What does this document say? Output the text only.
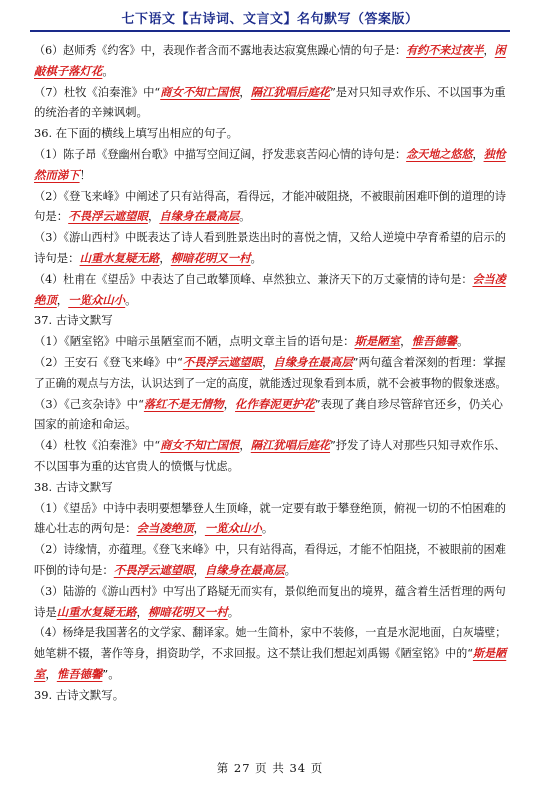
七下语文【古诗词、文言文】名句默写（答案版）
（6）赵师秀《约客》中，表现作者含而不露地表达寂寞焦躁心情的句子是：有约不来过夜半，闲
敲棋子落灯花。
（7）杜牧《泊秦淮》中“商女不知亡国恨，隔江犹唱后庭花”是对只知寻欢作乐、不以国事为重
的统治者的辛辣讽刺。
36. 在下面的横线上填写出相应的句子。
（1）陈子昂《登幽州台歌》中描写空间辽阔，抒发悲哀苦闷心情的诗句是：念天地之悠悠，独怆
然而涕下！
（2）《登飞来峰》中阐述了只有站得高，看得远，才能冲破阻挠，不被眼前困难吓倒的道理的诗
句是：不畏浮云遮望眼，自缘身在最高层。
（3）《游山西村》中既表达了诗人看到胜景迭出时的喜悦之情，又给人逆境中孕育希望的启示的
诗句是：山重水复疑无路，柳暗花明又一村。
（4）杜甫在《望岳》中表达了自己敢攀顶峰、卓然独立、兼济天下的万丈豪情的诗句是：会当凌
绝顶，一览众山小。
37. 古诗文默写
（1）《陋室铭》中暗示虽陋室而不陋，点明文章主旨的语句是：斯是陋室，惟吾德馨。
（2）王安石《登飞来峰》中“不畏浮云遮望眼，自缘身在最高层”两句蕴含着深刻的哲理：掌握
了正确的观点与方法，认识达到了一定的高度，就能透过现象看到本质，就不会被事物的假象迷惑。
（3）《己亥杂诗》中“落红不是无情物，化作春泥更护花”表现了龚自珍尽管辞官还乡，仍关心
国家的前途和命运。
（4）杜牧《泊秦淮》中“商女不知亡国恨，隔江犹唱后庭花”抒发了诗人对那些只知寻欢作乐、
不以国事为重的达官贵人的愤慨与忧虑。
38. 古诗文默写
（1）《望岳》中诗中表明要想攀登人生顶峰，就一定要有敢于攀登绝顶，俯视一切的不怕困难的
雄心壮志的两句是：会当凌绝顶，一览众山小。
（2）诗缘情，亦蕴理。《登飞来峰》中，只有站得高，看得远，才能不怕阻挠，不被眼前的困难
吓倒的诗句是：不畏浮云遮望眼，自缘身在最高层。
（3）陆游的《游山西村》中写出了路疑无而实有，景似绝而复出的境界，蕴含着生活哲理的两句
诗是山重水复疑无路，柳暗花明又一村。
（4）杨绛是我国著名的文学家、翻译家。她一生简朴，家中不装修，一直是水泥地面，白灰墙壁；
她笔耕不辍，著作等身，捐资助学，不求回报。这不禁让我们想起刘禹锡《陋室铭》中的“斯是陋
室，惟吾德馨”。
39. 古诗文默写。
第 27 页 共 34 页
